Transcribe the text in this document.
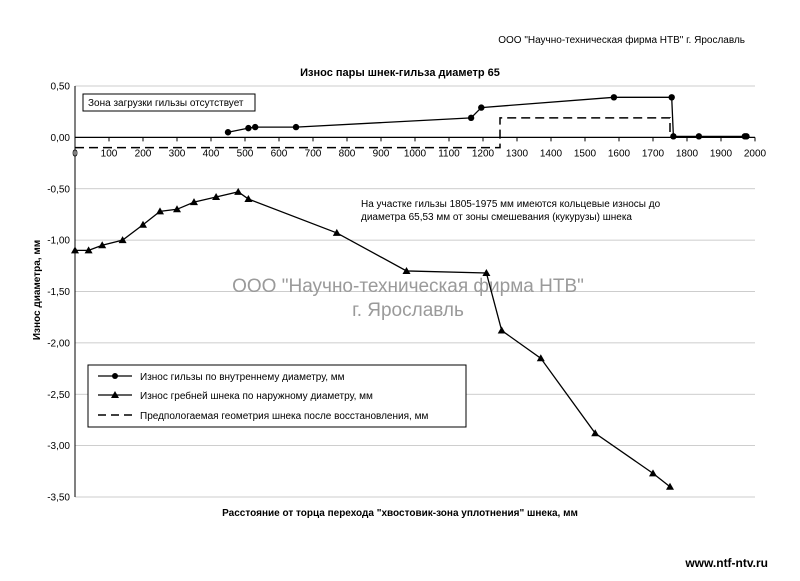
ООО "Научно-техническая фирма НТВ" г. Ярославль
Износ пары шнек-гильза диаметр 65
0,50
0,00
-0,50
-1,00
-1,50
-2,00
-2,50
-3,00
-3,50
0 100 200 300 400 500 600 700 800 900 1000 1100 1200 1300 1400 1500 1600 1700 1800 1900 2000
Износ диаметра, мм	ООО "Научно-техническая фирма НТВ"
г. Ярославль
Зона загрузки гильзы отсутствует
На участке гильзы 1805-1975 мм имеются кольцевые износы до
диаметра 65,53 мм от зоны смешевания (кукурузы) шнека
Износ гильзы по внутреннему диаметру, мм
Износ гребней шнека по наружному диаметру, мм
Предпологаемая геометрия шнека после восстановления, мм
Расстояние от торца перехода "хвостовик-зона уплотнения" шнека, мм
www.ntf-ntv.ru
